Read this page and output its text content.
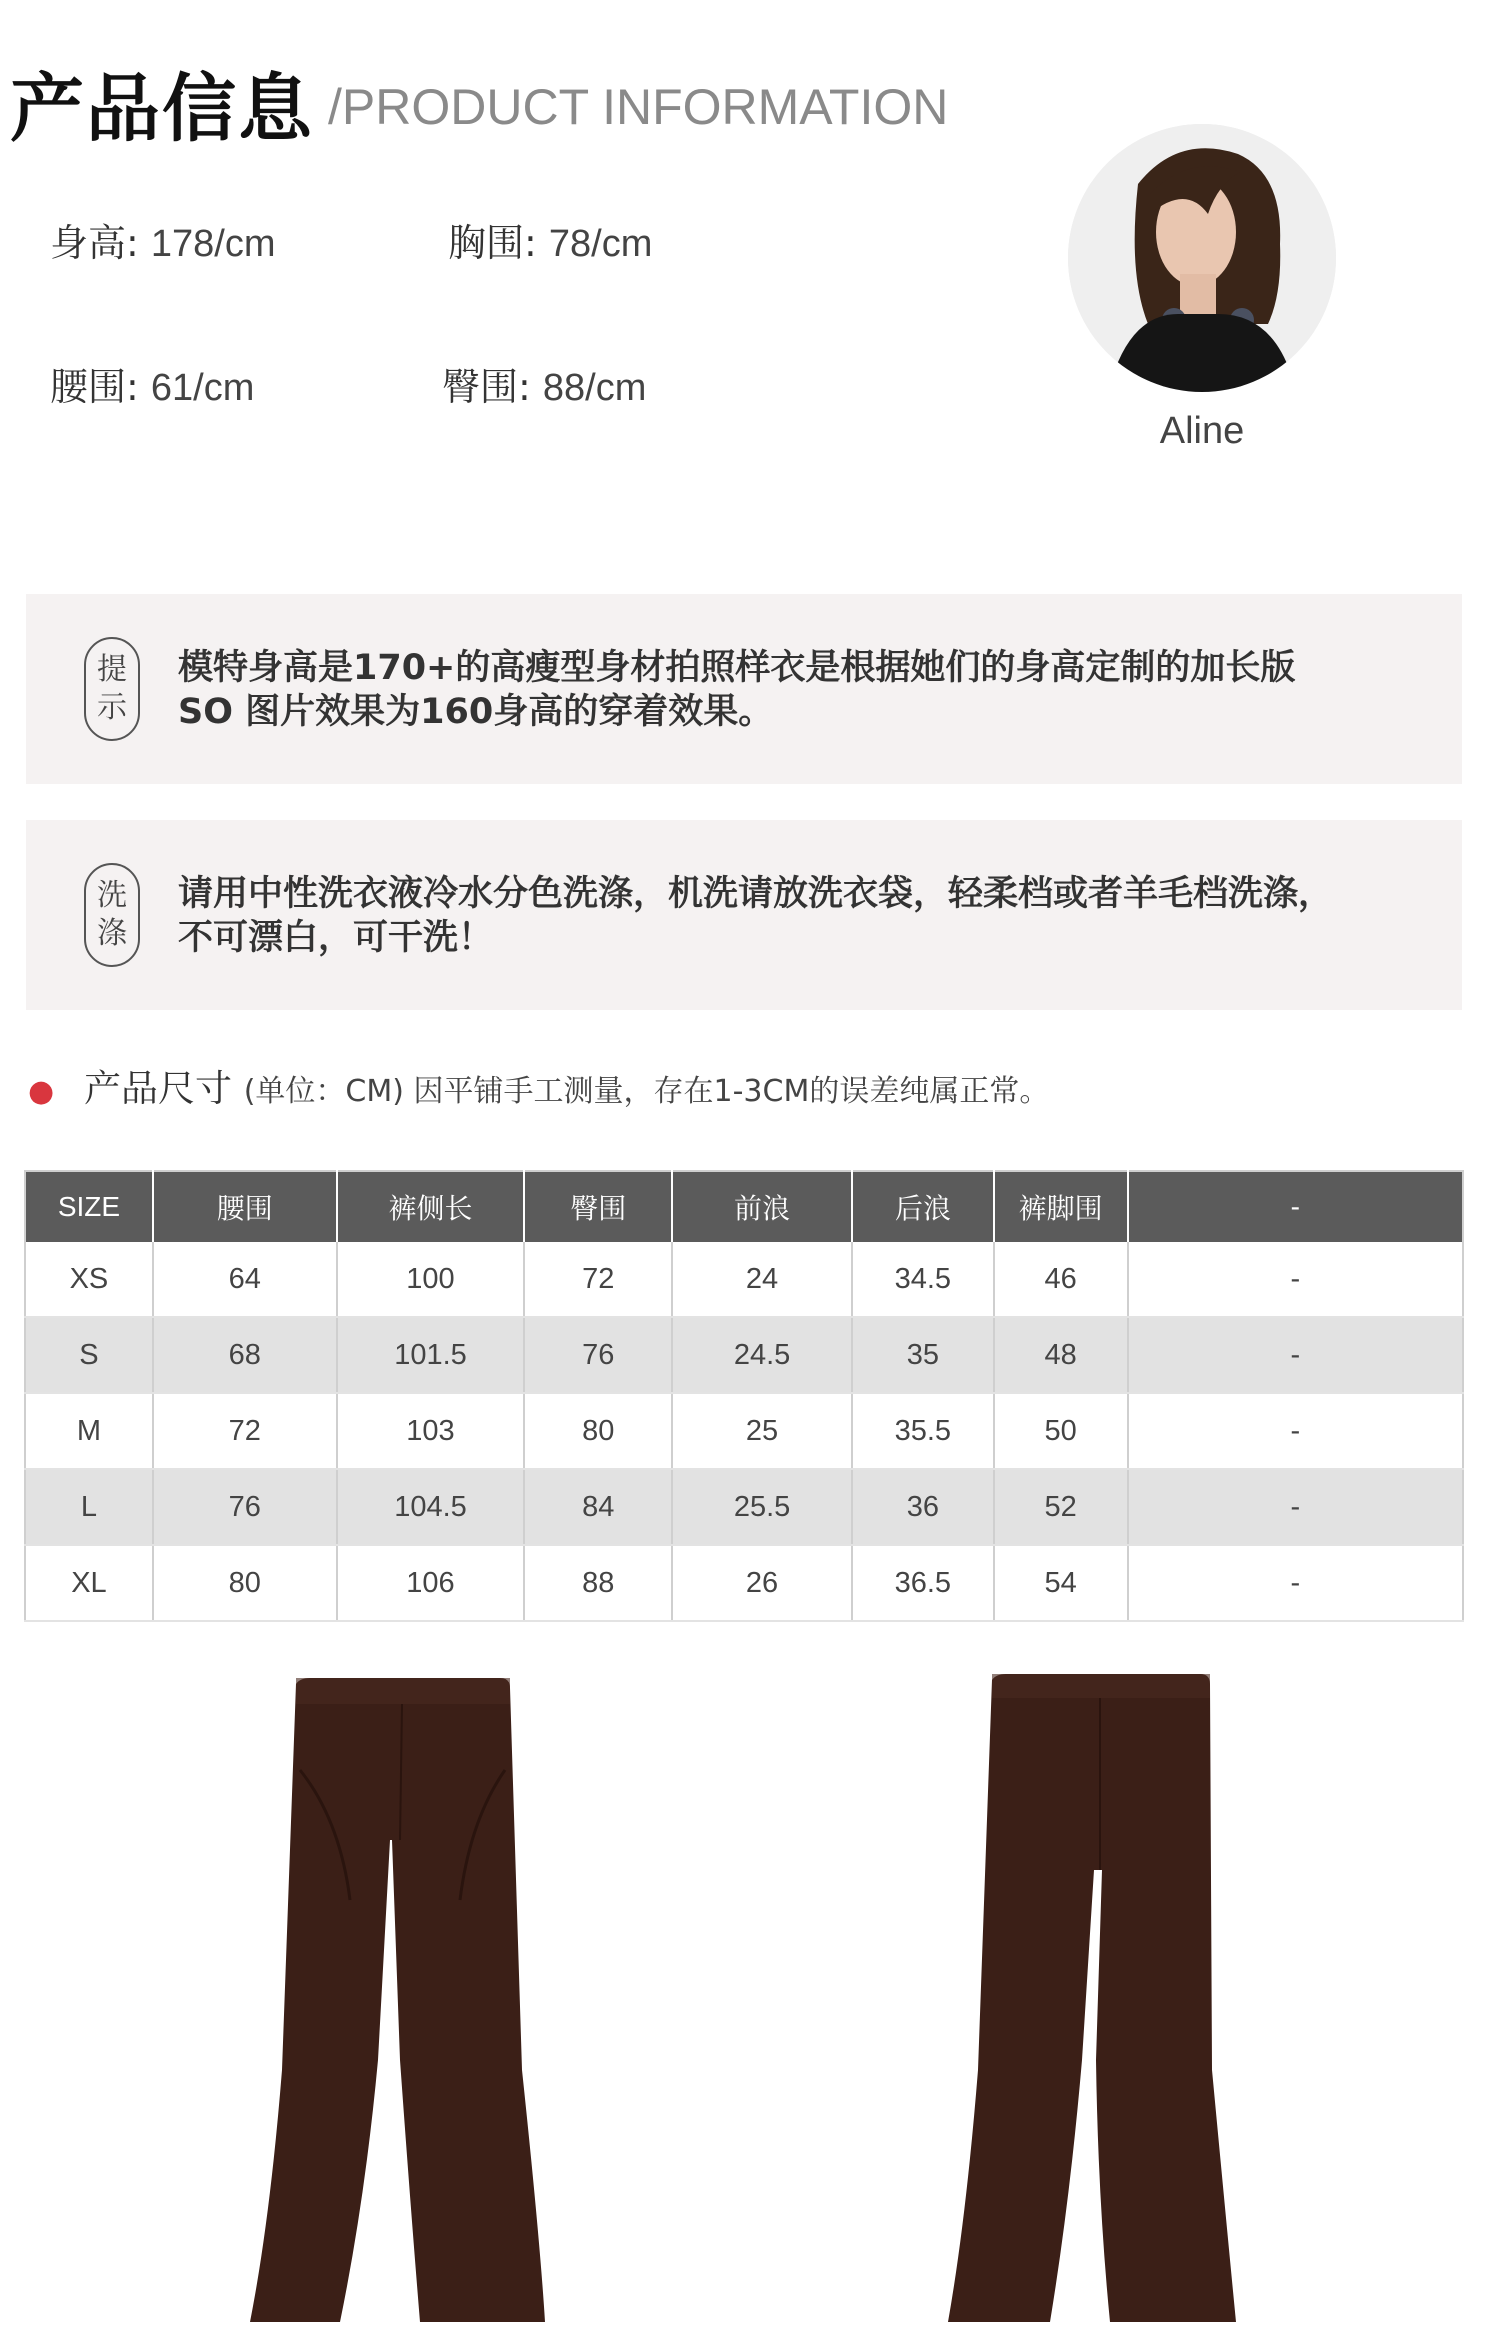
产品信息 /PRODUCT INFORMATION
身高: 178/cm	胸围: 78/cm
腰围: 61/cm	臀围: 88/cm
Aline
提
示
模特身高是170+的高瘦型身材拍照样衣是根据她们的身高定制的加长版
SO 图片效果为160身高的穿着效果。
洗
涤
请用中性洗衣液冷水分色洗涤，机洗请放洗衣袋，轻柔档或者羊毛档洗涤，
不可漂白，可干洗！
● 产品尺寸 (单位：CM) 因平铺手工测量，存在1-3CM的误差纯属正常。
SIZE	腰围	裤侧长	臀围	前浪	后浪	裤脚围	-
XS	64	100	72	24	34.5	46	-
S	68	101.5	76	24.5	35	48	-
M	72	103	80	25	35.5	50	-
L	76	104.5	84	25.5	36	52	-
XL	80	106	88	26	36.5	54	-
